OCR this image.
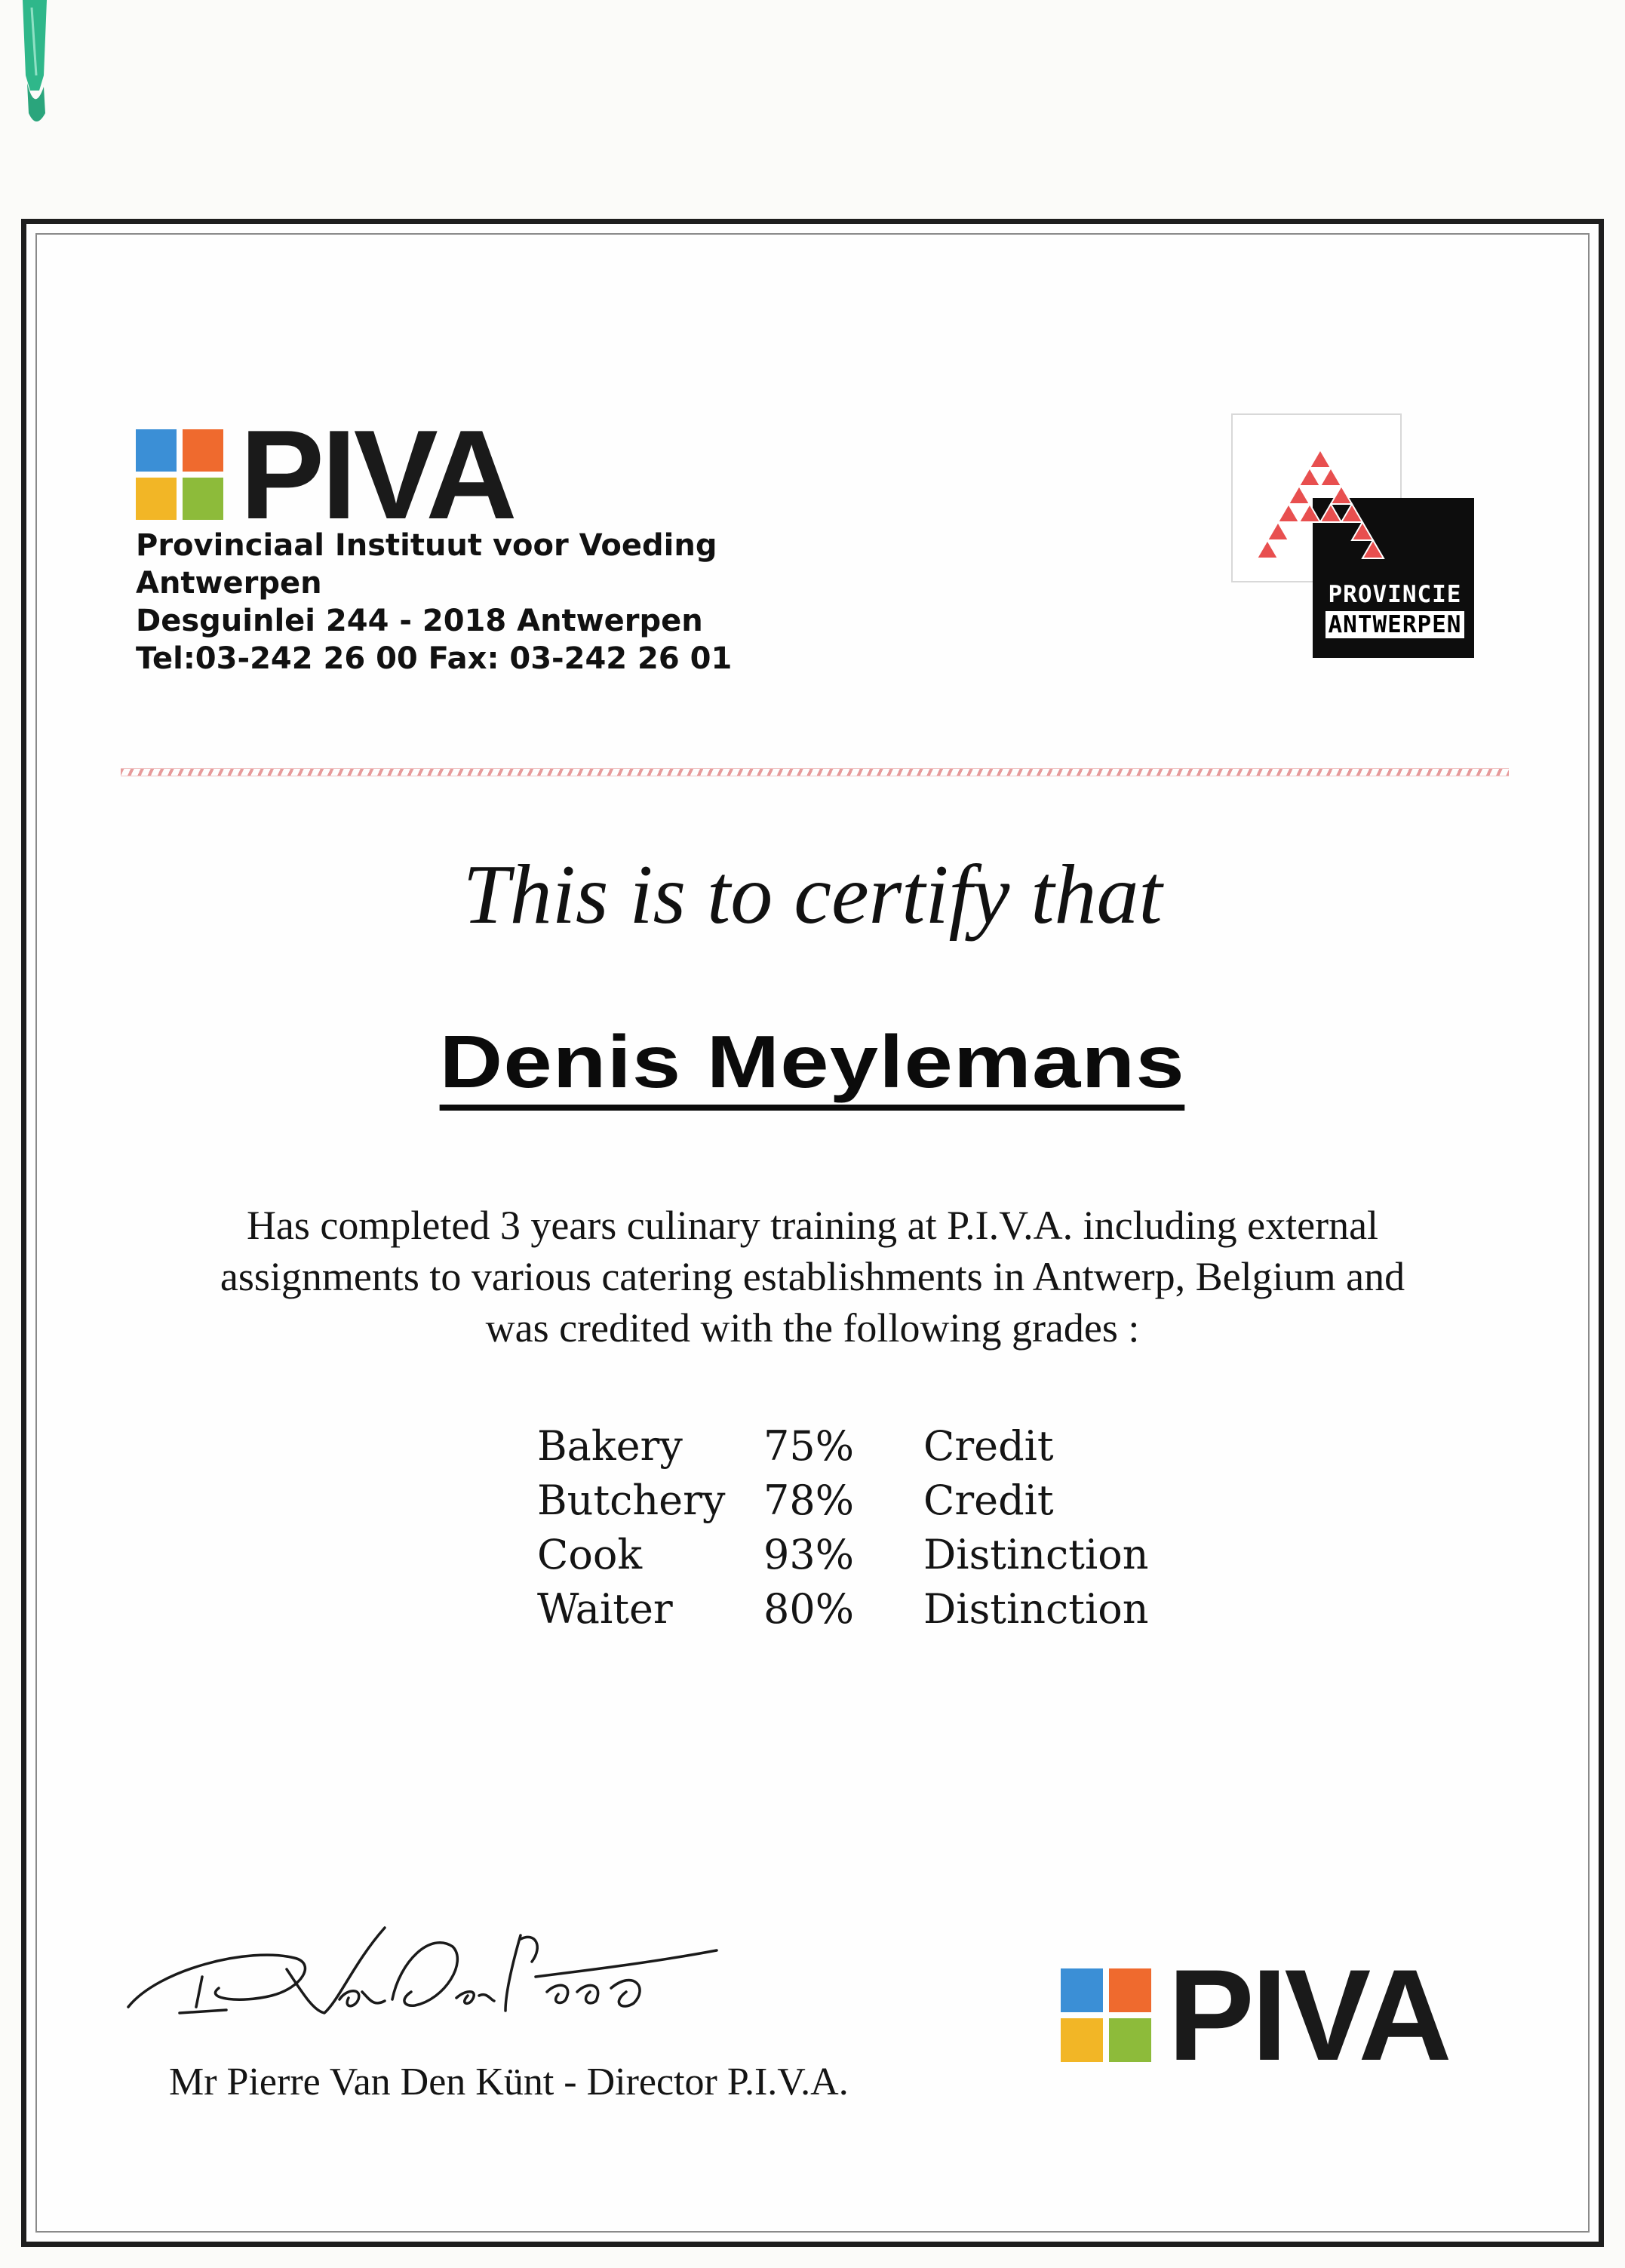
PIVA
Provinciaal Instituut voor Voeding
Antwerpen
Desguinlei 244 - 2018 Antwerpen
Tel:03-242 26 00 Fax: 03-242 26 01
PROVINCIE
ANTWERPEN
This is to certify that
Denis Meylemans
Has completed 3 years culinary training at P.I.V.A. including external
assignments to various catering establishments in Antwerp, Belgium and
was credited with the following grades :
Bakery	75%	Credit
Butchery 78%	Credit
Cook	93%	Distinction
Waiter	80%	Distinction
Mr Pierre Van Den Künt - Director P.I.V.A. PIVA
